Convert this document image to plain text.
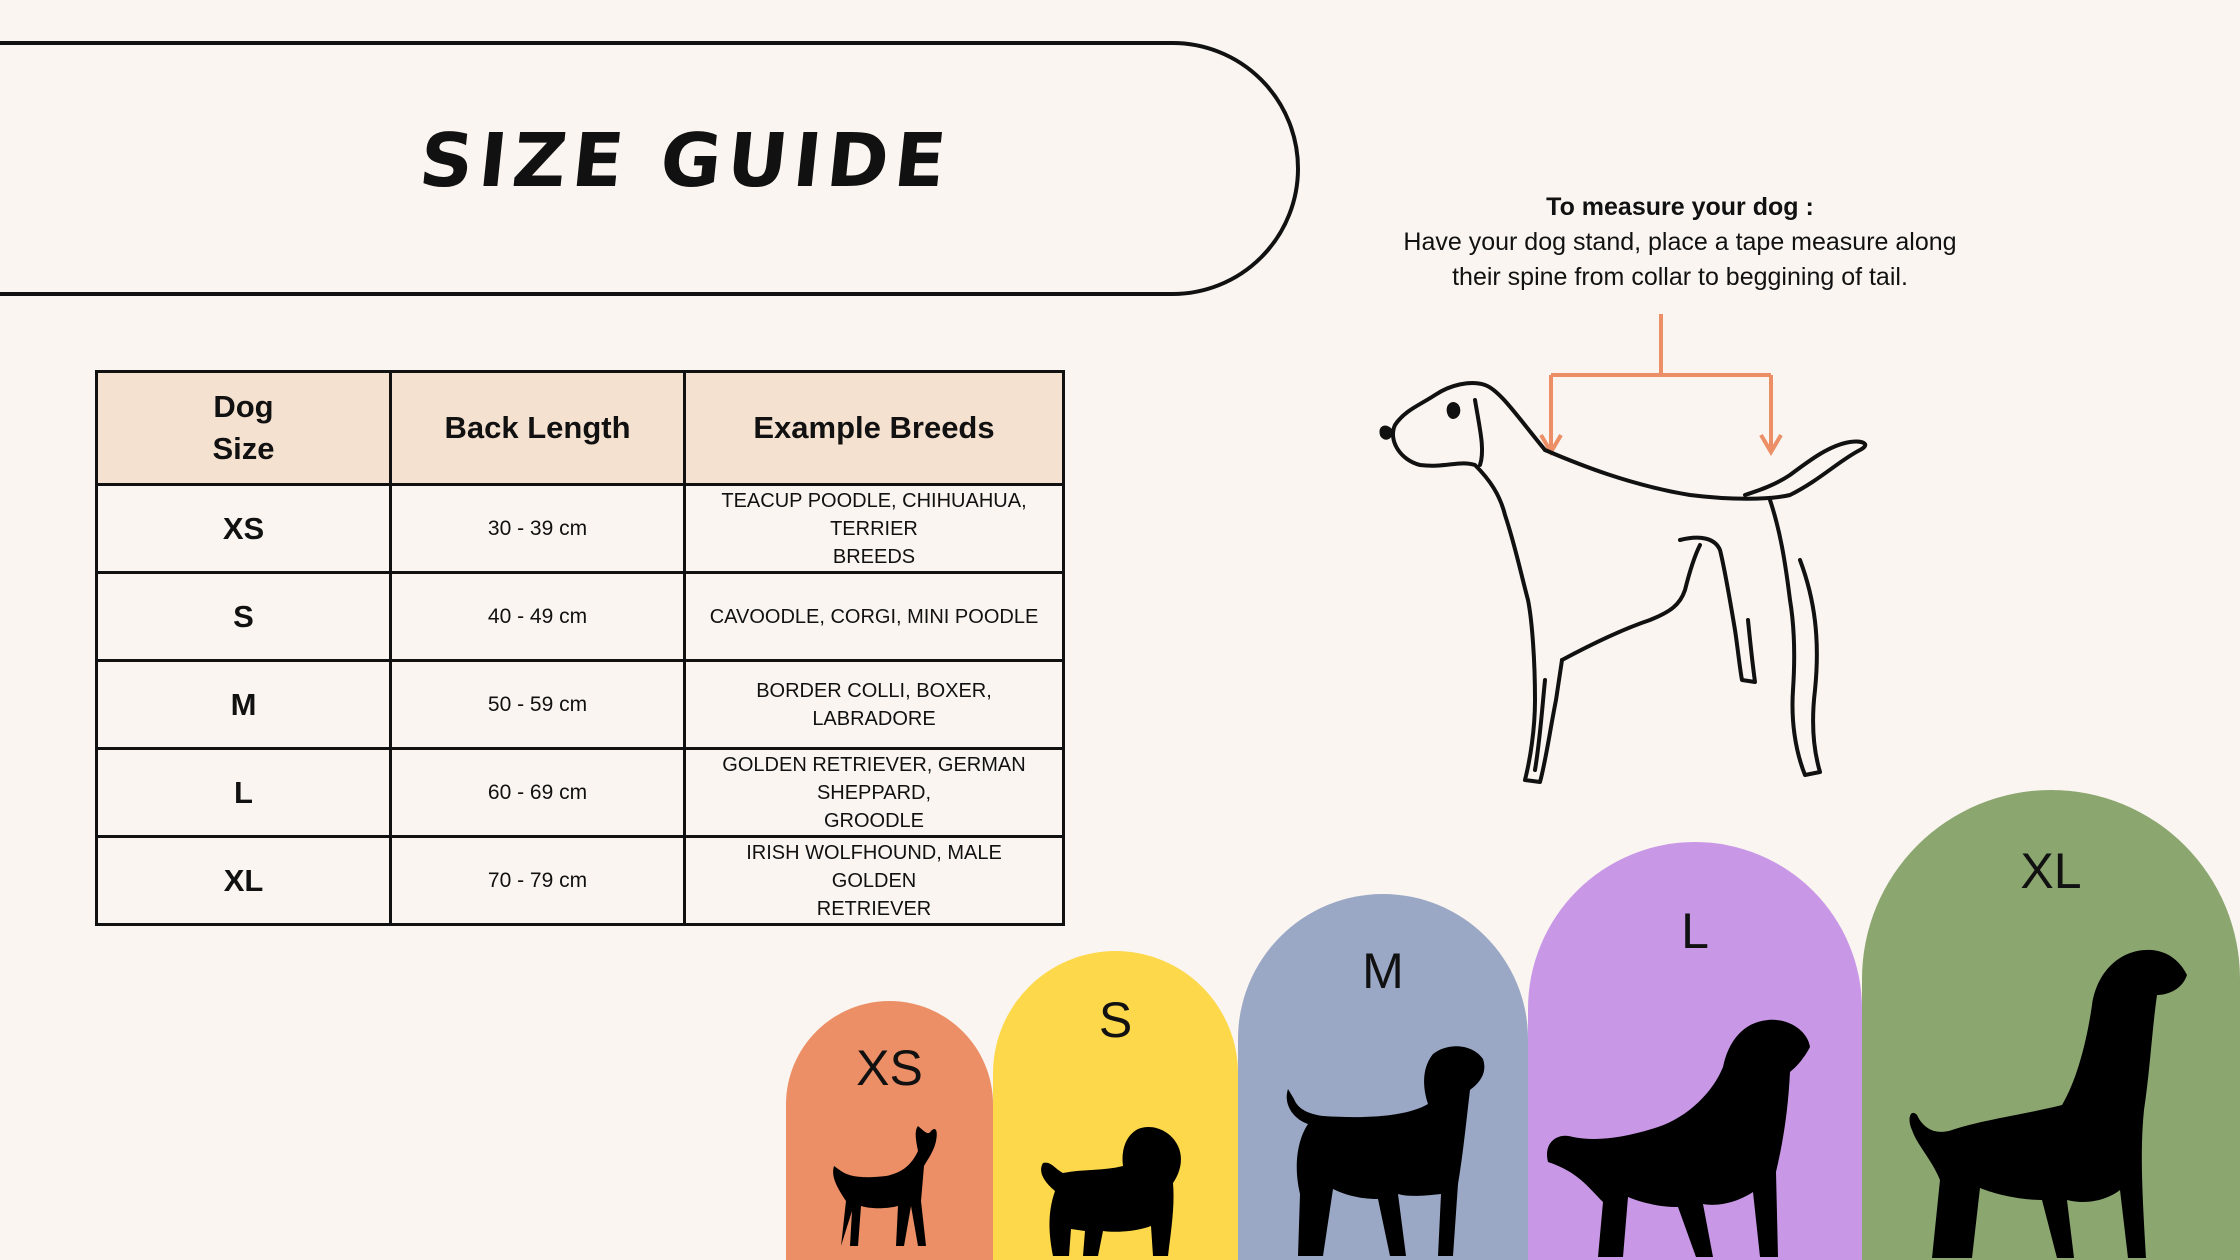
SIZE GUIDE
To measure your dog :
Have your dog stand, place a tape measure along
their spine from collar to beggining of tail.
Dog
Size	Back Length	Example Breeds
XS	30 - 39 cm	TEACUP POODLE, CHIHUAHUA, TERRIER
BREEDS

S	40 - 49 cm	CAVOODLE, CORGI, MINI POODLE

M	50 - 59 cm	BORDER COLLI, BOXER, LABRADORE

L	60 - 69 cm	GOLDEN RETRIEVER, GERMAN SHEPPARD,
GROODLE

XL	70 - 79 cm	IRISH WOLFHOUND, MALE GOLDEN
RETRIEVER
XS
S
M
L
XL
